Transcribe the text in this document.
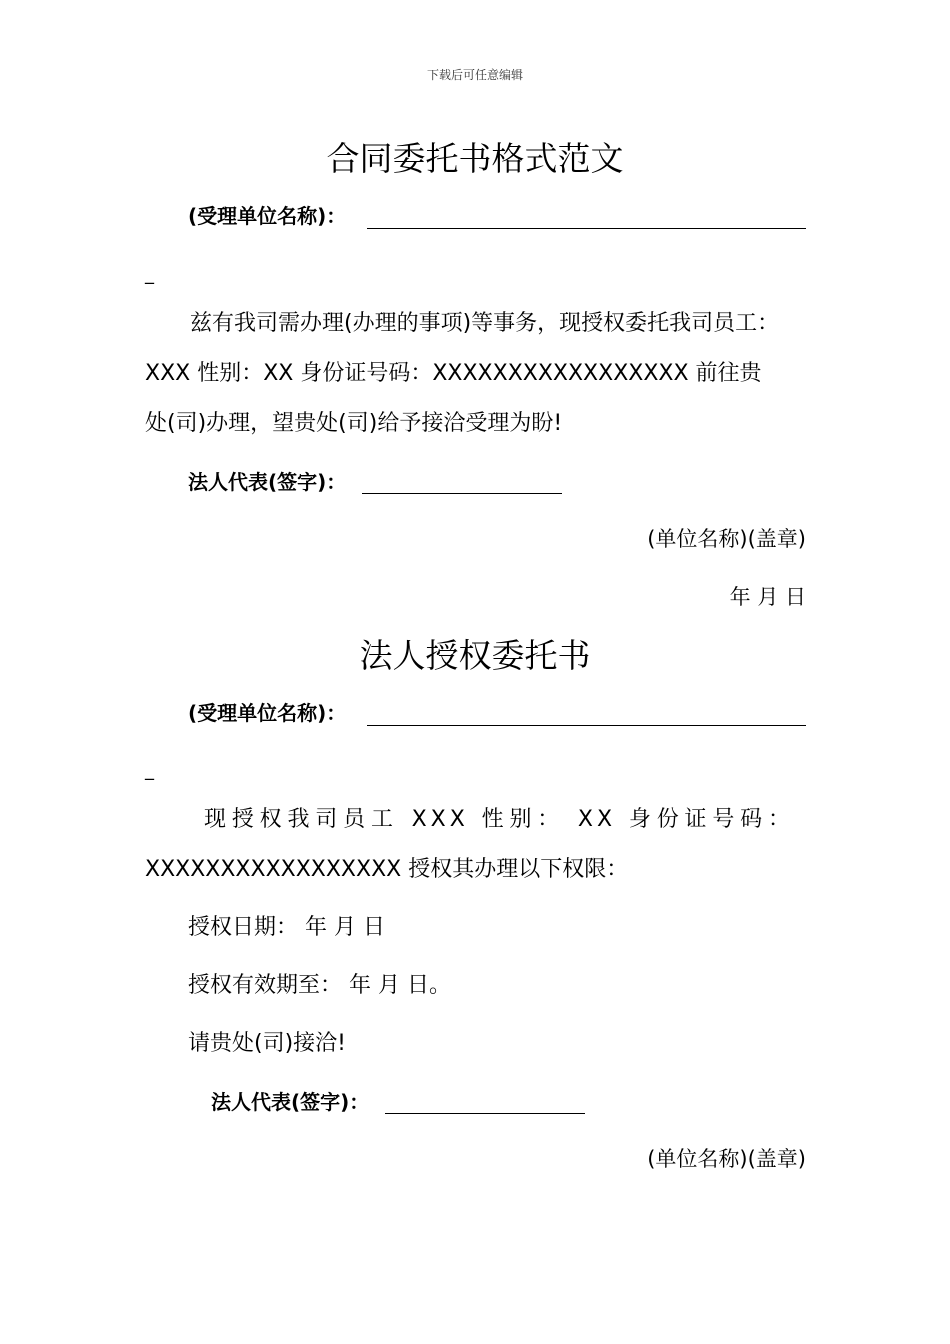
下载后可任意编辑
合同委托书格式范文
(受理单位名称)：
_
兹有我司需办理(办理的事项)等事务，现授权委托我司员工：
XXX 性别：XX 身份证号码：XXXXXXXXXXXXXXXXX 前往贵
处(司)办理，望贵处(司)给予接洽受理为盼!
法人代表(签字)：
(单位名称)(盖章)
年 月 日
法人授权委托书
(受理单位名称)：
_
现授权我司员工 XXX 性别： XX 身份证号码：
XXXXXXXXXXXXXXXXX 授权其办理以下权限：
授权日期： 年 月 日
授权有效期至： 年 月 日。
请贵处(司)接洽!
法人代表(签字)：
(单位名称)(盖章)
